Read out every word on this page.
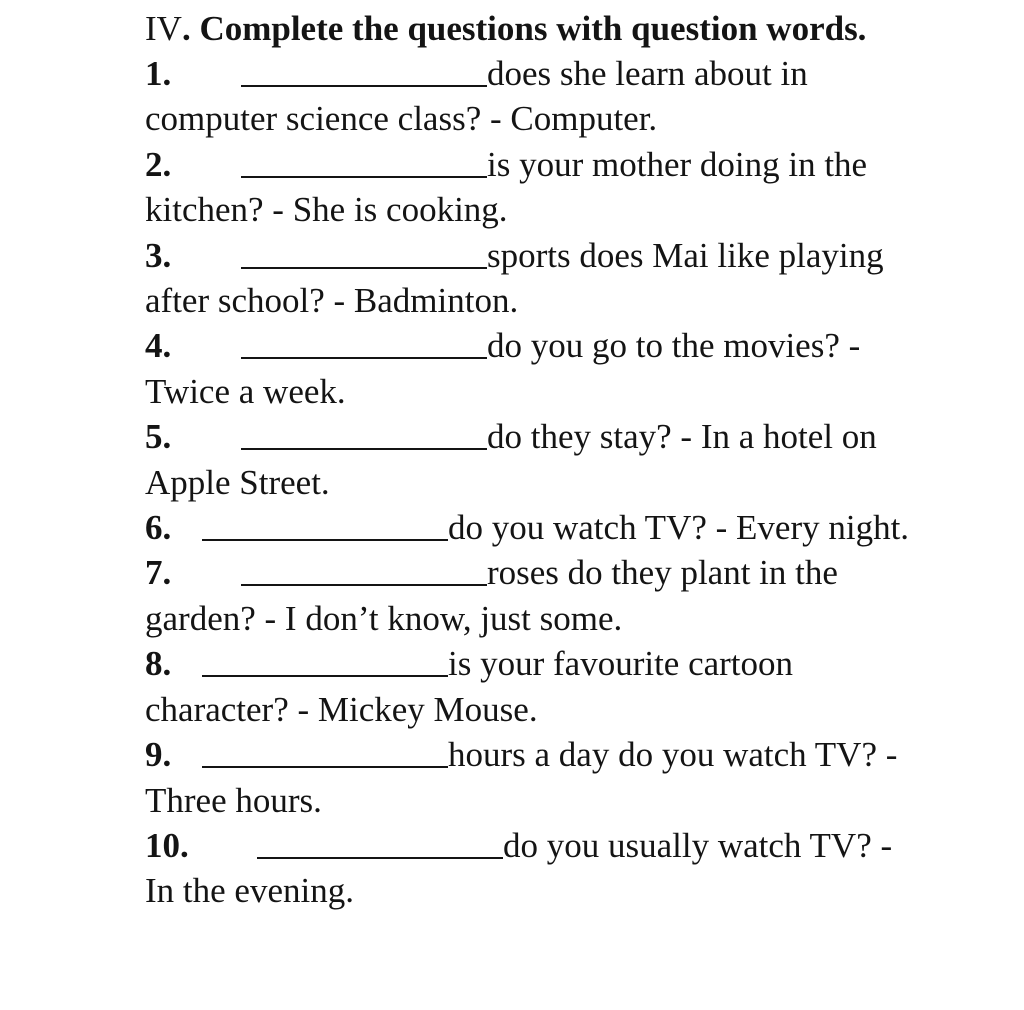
IV. Complete the questions with question words.
1.	does she learn about in
computer science class? - Computer.
2.	is your mother doing in the
kitchen? - She is cooking.
3.	sports does Mai like playing
after school? - Badminton.
4.	do you go to the movies? -
Twice a week.
5.	do they stay? - In a hotel on
Apple Street.
6.	do you watch TV? - Every night.
7.	roses do they plant in the
garden? - I don’t know, just some.
8.	is your favourite cartoon
character? - Mickey Mouse.
9.	hours a day do you watch TV? -
Three hours.
10.	do you usually watch TV? -
In the evening.
